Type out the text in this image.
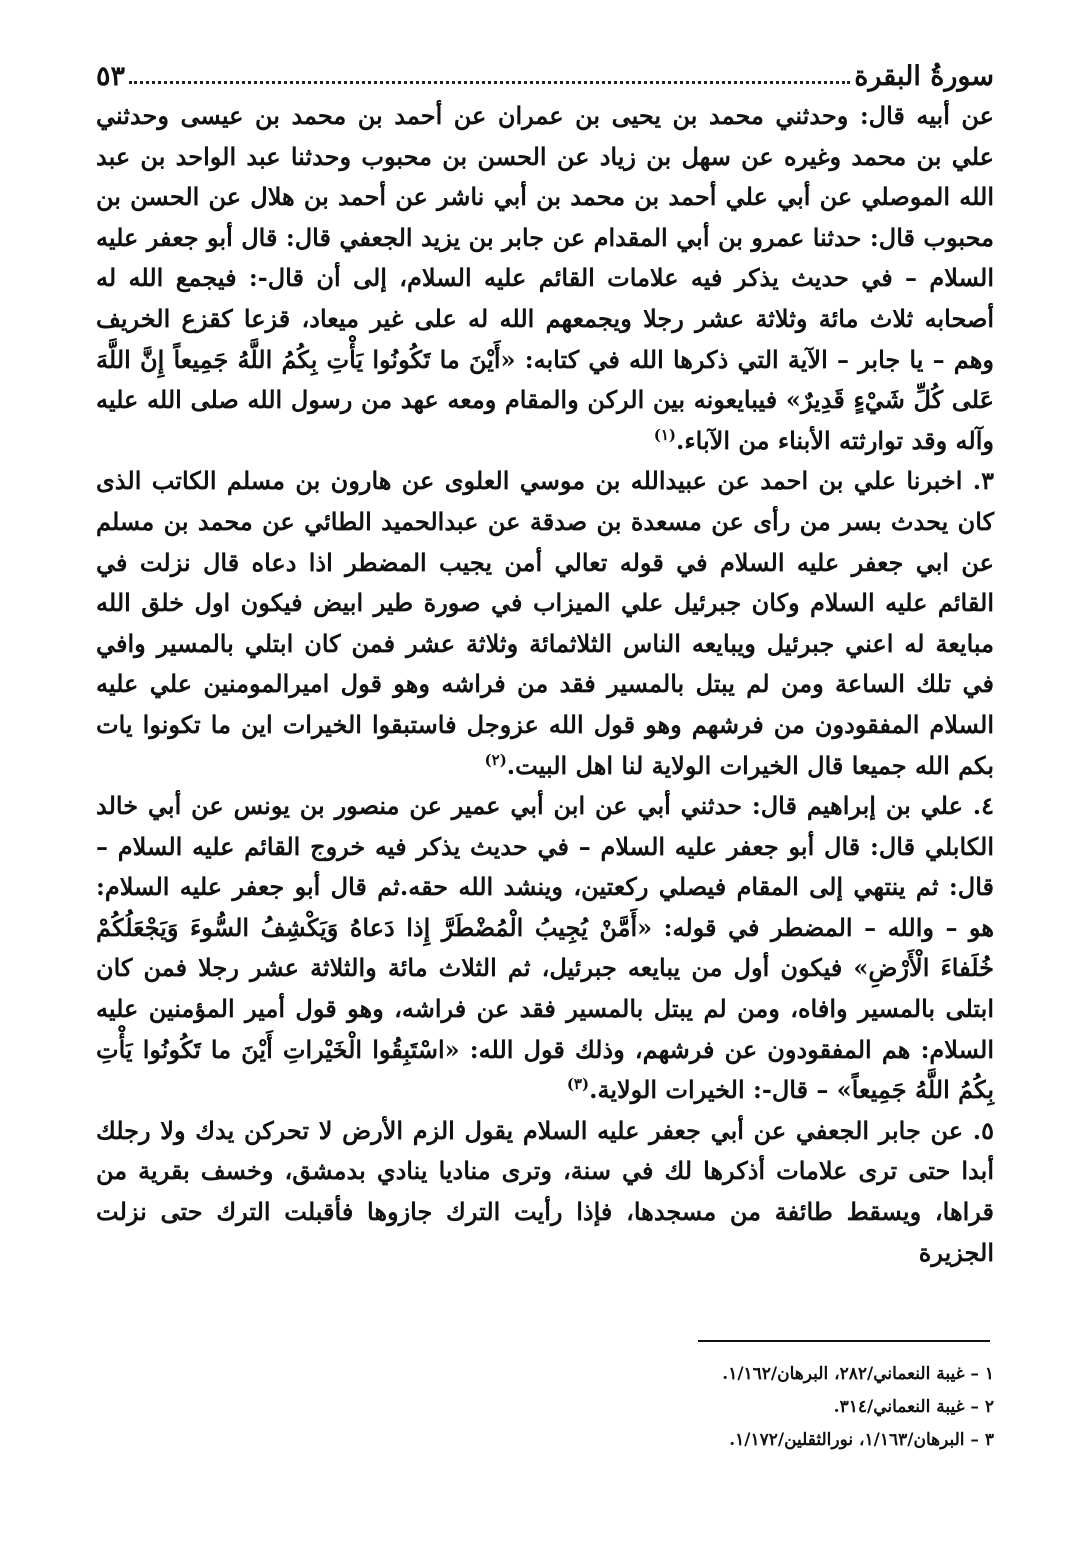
سورةُ البقرة
٥٣

عن أبيه قال: وحدثني محمد بن يحيى بن عمران عن أحمد بن محمد بن عيسى وحدثني علي بن محمد وغيره عن سهل بن زياد عن الحسن بن محبوب وحدثنا عبد الواحد بن عبد الله الموصلي عن أبي علي أحمد بن محمد بن أبي ناشر عن أحمد بن هلال عن الحسن بن محبوب قال: حدثنا عمرو بن أبي المقدام عن جابر بن يزيد الجعفي قال: قال أبو جعفر عليه السلام – في حديث يذكر فيه علامات القائم عليه السلام، إلى أن قال-: فيجمع الله له أصحابه ثلاث مائة وثلاثة عشر رجلا ويجمعهم الله له على غير ميعاد، قزعا كقزع الخريف وهم – يا جابر – الآية التي ذكرها الله في كتابه: «أَيْنَ ما تَكُونُوا يَأْتِ بِكُمُ اللَّهُ جَمِيعاً إِنَّ اللَّهَ عَلى كُلِّ شَيْءٍ قَدِيرٌ» فيبايعونه بين الركن والمقام ومعه عهد من رسول الله صلى الله عليه وآله وقد توارثته الأبناء من الآباء.$^{(١)}$

٣. اخبرنا علي بن احمد عن عبيدالله بن موسي العلوى عن هارون بن مسلم الكاتب الذى كان يحدث بسر من رأى عن مسعدة بن صدقة عن عبدالحميد الطائي عن محمد بن مسلم عن ابي جعفر عليه السلام في قوله تعالي أمن يجيب المضطر اذا دعاه قال نزلت في القائم عليه السلام وكان جبرئيل علي الميزاب في صورة طير ابيض فيكون اول خلق الله مبايعة له اعني جبرئيل ويبايعه الناس الثلاثمائة وثلاثة عشر فمن كان ابتلي بالمسير وافي في تلك الساعة ومن لم يبتل بالمسير فقد من فراشه وهو قول اميرالمومنين علي عليه السلام المفقودون من فرشهم وهو قول الله عزوجل فاستبقوا الخيرات اين ما تكونوا يات بكم الله جميعا قال الخيرات الولاية لنا اهل البيت.$^{(٢)}$

٤. علي بن إبراهيم قال: حدثني أبي عن ابن أبي عمير عن منصور بن يونس عن أبي خالد الكابلي قال: قال أبو جعفر عليه السلام – في حديث يذكر فيه خروج القائم عليه السلام – قال: ثم ينتهي إلى المقام فيصلي ركعتين، وينشد الله حقه.ثم قال أبو جعفر عليه السلام: هو – والله – المضطر في قوله: «أَمَّنْ يُجِيبُ الْمُضْطَرَّ إِذا دَعاهُ وَيَكْشِفُ السُّوءَ وَيَجْعَلُكُمْ خُلَفاءَ الْأَرْضِ» فيكون أول من يبايعه جبرئيل، ثم الثلاث مائة والثلاثة عشر رجلا فمن كان ابتلى بالمسير وافاه، ومن لم يبتل بالمسير فقد عن فراشه، وهو قول أمير المؤمنين عليه السلام: هم المفقودون عن فرشهم، وذلك قول الله: «اسْتَبِقُوا الْخَيْراتِ أَيْنَ ما تَكُونُوا يَأْتِ بِكُمُ اللَّهُ جَمِيعاً» – قال-: الخيرات الولاية.$^{(٣)}$

٥. عن جابر الجعفي عن أبي جعفر عليه السلام يقول الزم الأرض لا تحركن يدك ولا رجلك أبدا حتى ترى علامات أذكرها لك في سنة، وترى مناديا ينادي بدمشق، وخسف بقرية من قراها، ويسقط طائفة من مسجدها، فإذا رأيت الترك جازوها فأقبلت الترك حتى نزلت الجزيرة

١ – غيبة النعماني/٢٨٢، البرهان/١/١٦٢.

٢ – غيبة النعماني/٣١٤.

٣ – البرهان/١/١٦٣، نورالثقلين/١/١٧٢.
